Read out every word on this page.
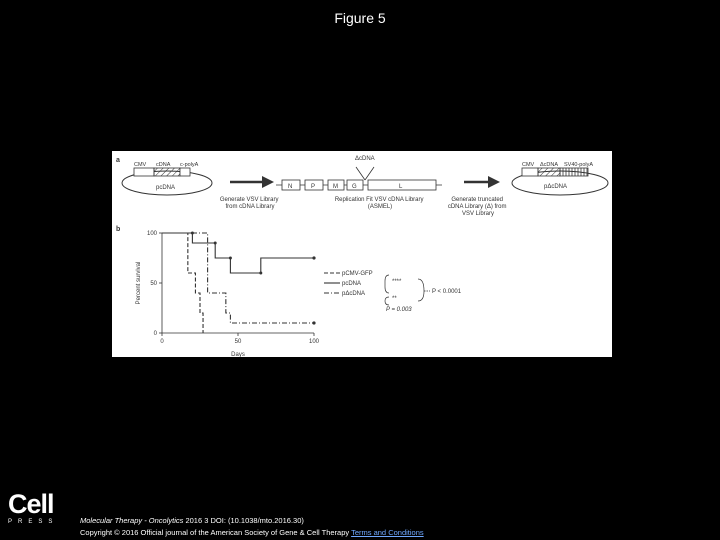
Figure 5
a
b
CMV cDNA c-polyA
pcDNA	N	P	M G	L
ΔcDNA
CMV ΔcDNA SV40-polyA
pΔcDNA
Generate VSV Library from cDNA Library
Replication Fit VSV cDNA Library (ASMEL)
Generate truncated cDNA Library (Δ) from VSV Library
Percent survival
Days
0
50
100
0	50	100
pCMV-GFP
pcDNA
pΔcDNA
****
**
P < 0.0001
P = 0.003
Cell
PRESS	Molecular Therapy - Oncolytics 2016 3 DOI: (10.1038/mto.2016.30)
Copyright © 2016 Official journal of the American Society of Gene & Cell Therapy Terms and Conditions
